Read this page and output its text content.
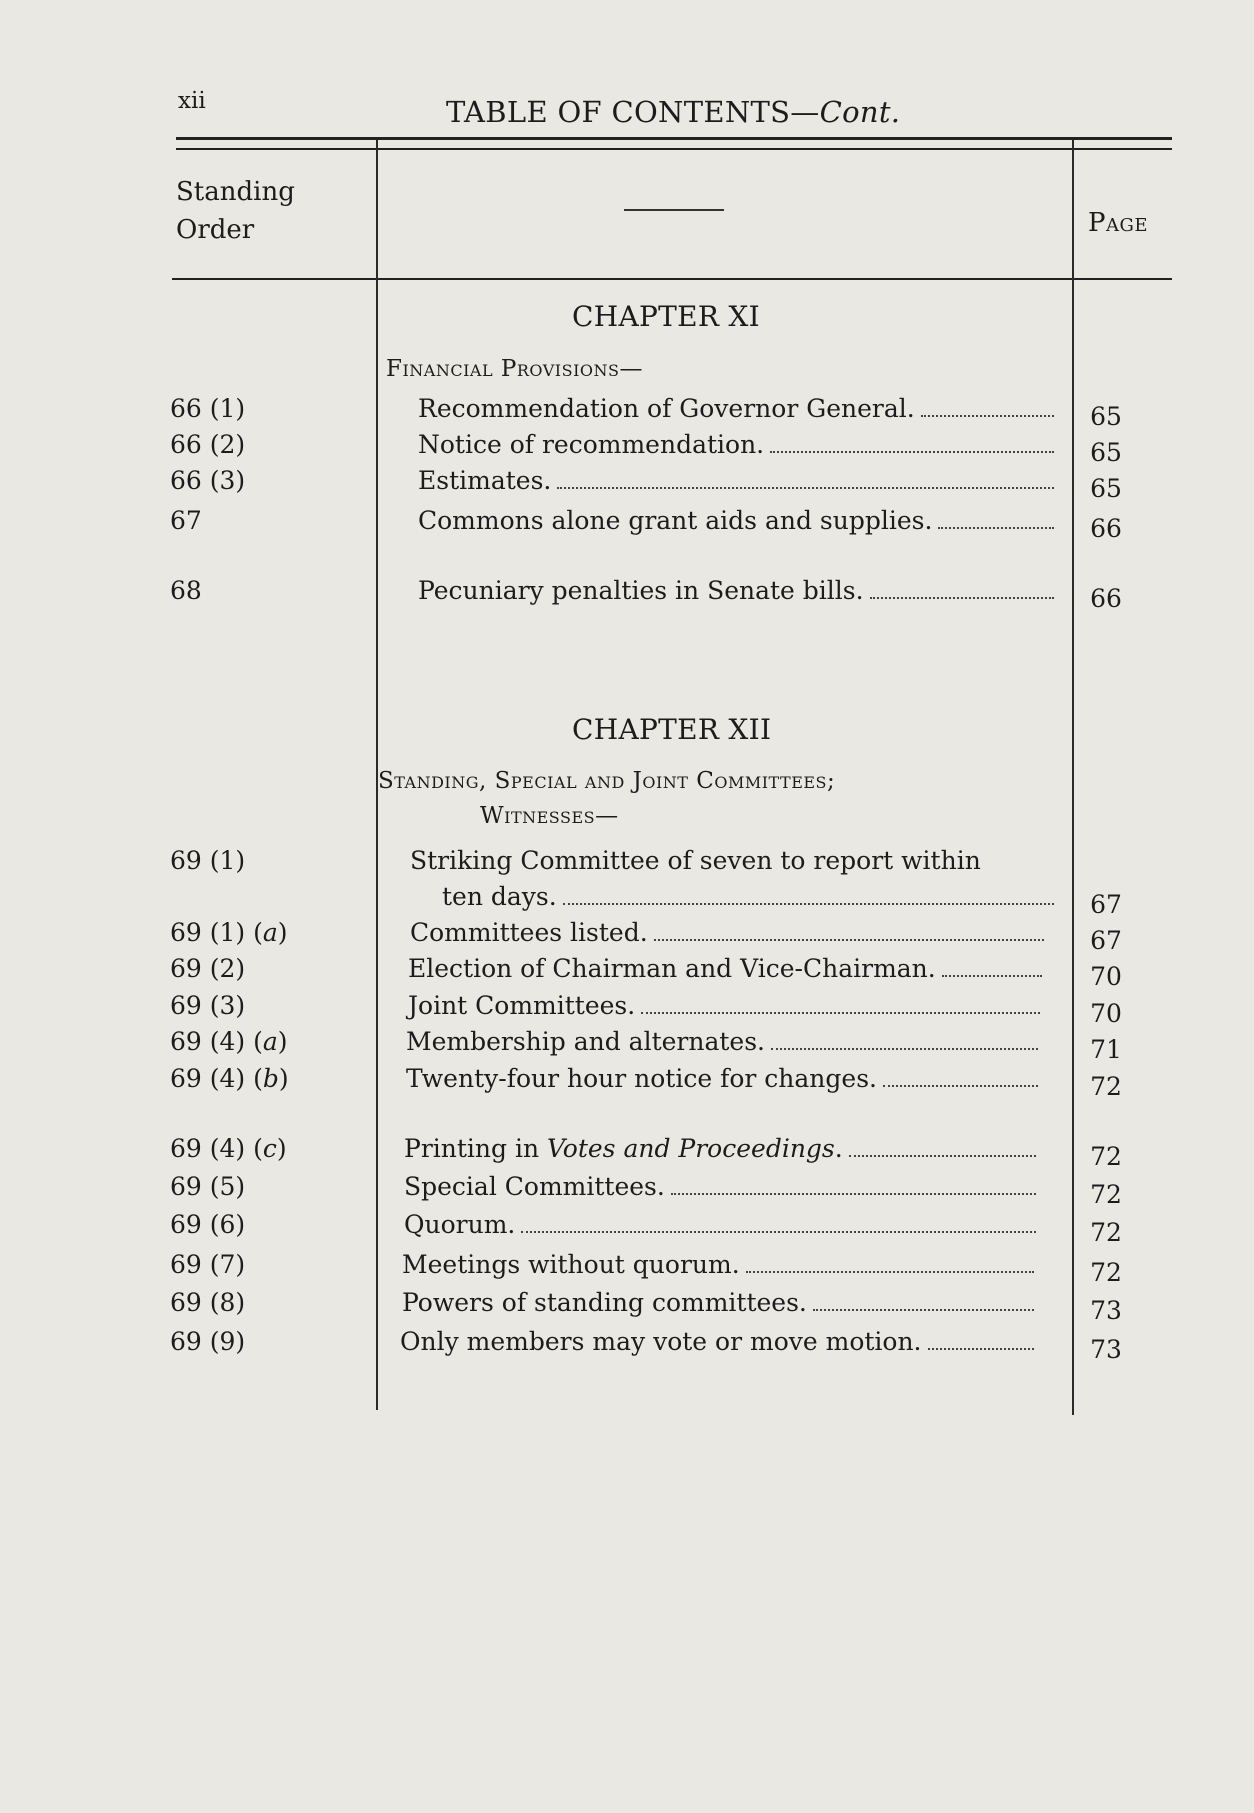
xii	TABLE OF CONTENTS—Cont.
Standing
Order	Page
CHAPTER XI
Financial Provisions—
66 (1)	Recommendation of Governor General.	65
66 (2)	Notice of recommendation.	65
66 (3)	Estimates.	65
67	Commons alone grant aids and supplies.	66
68	Pecuniary penalties in Senate bills.	66
CHAPTER XII
Standing, Special and Joint Committees;
Witnesses—
69 (1)	Striking Committee of seven to report within
ten days.	67
69 (1) (a)	Committees listed.	67
69 (2)	Election of Chairman and Vice-Chairman.	70
69 (3)	Joint Committees.	70
69 (4) (a)	Membership and alternates.	71
69 (4) (b)	Twenty-four hour notice for changes.	72
69 (4) (c)	Printing in Votes and Proceedings.	72
69 (5)	Special Committees.	72
69 (6)	Quorum.	72
69 (7)	Meetings without quorum.	72
69 (8)	Powers of standing committees.	73
69 (9)	Only members may vote or move motion.	73
